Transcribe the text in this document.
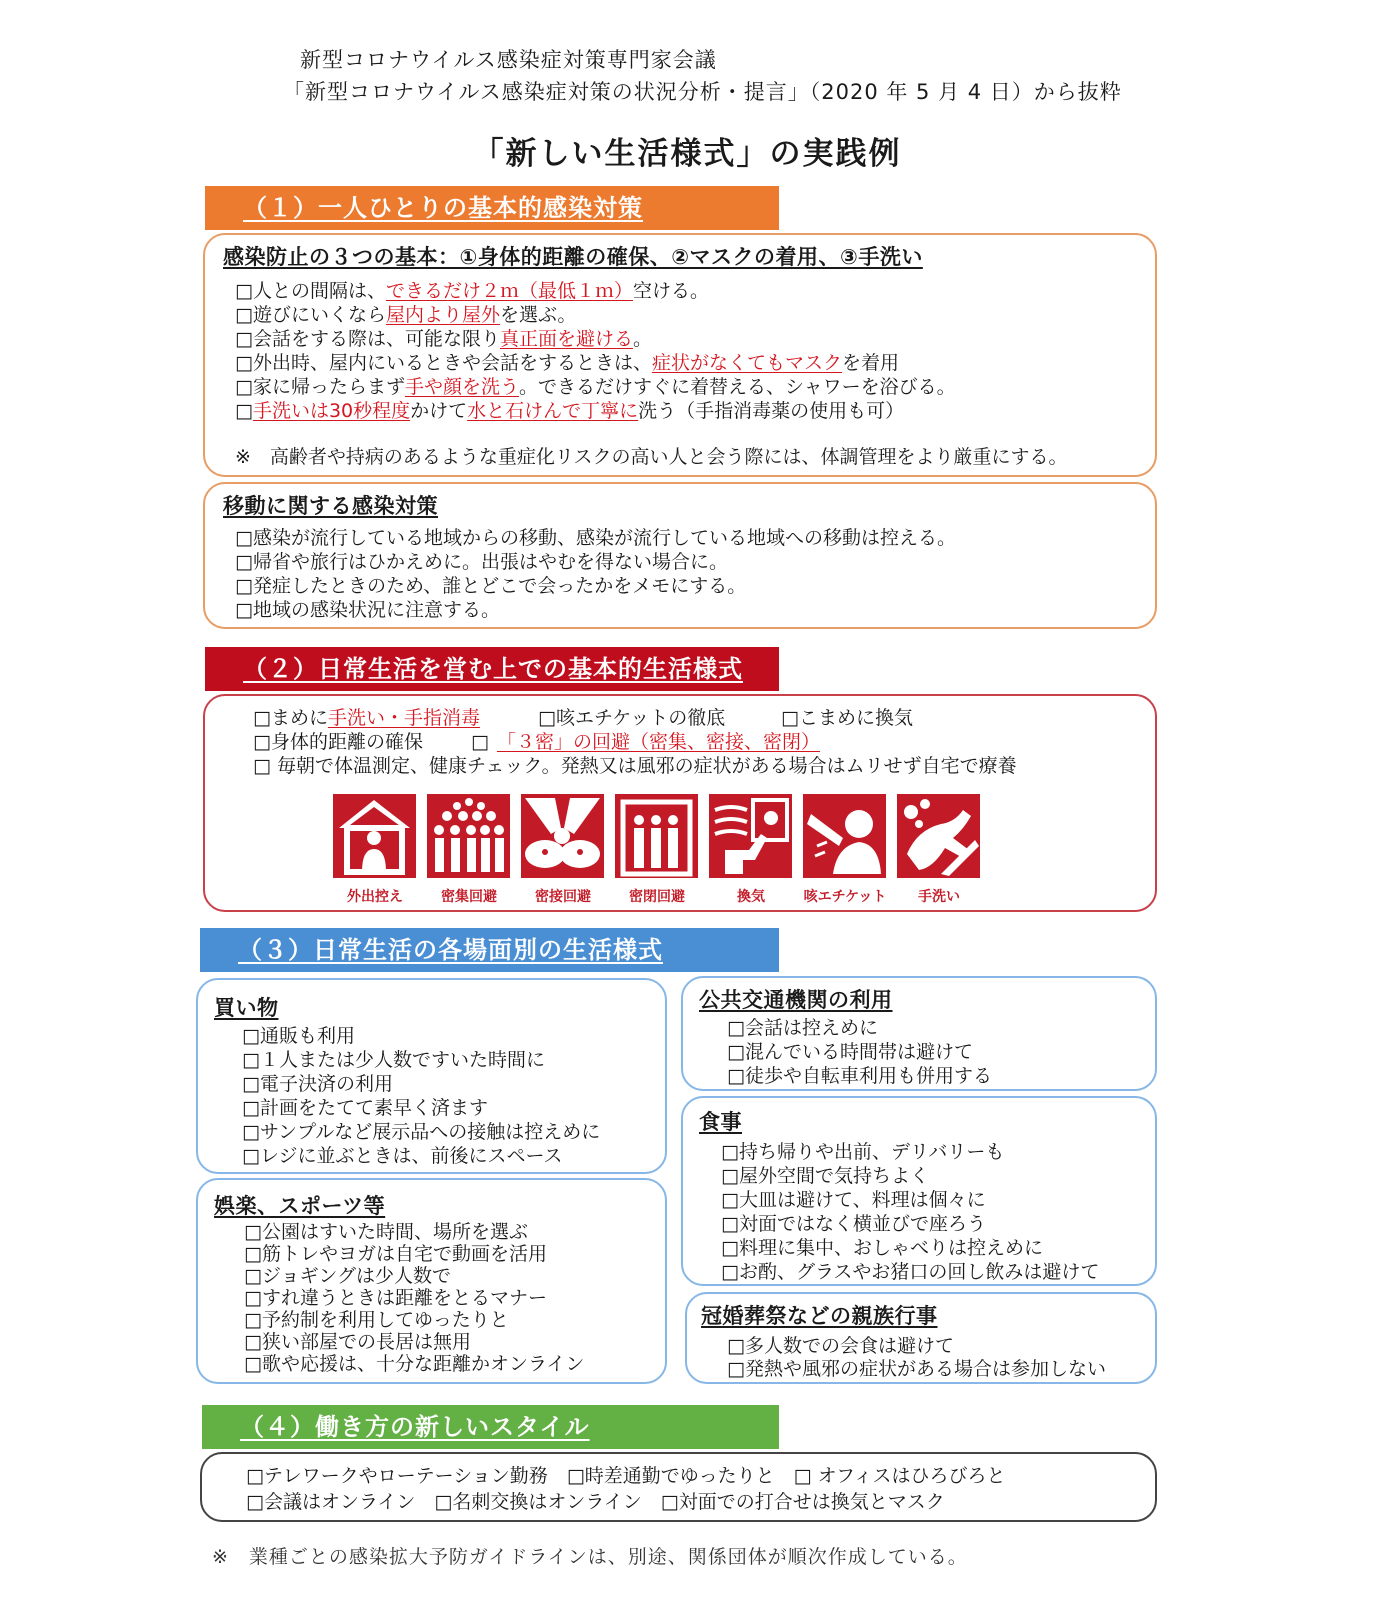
新型コロナウイルス感染症対策専門家会議
「新型コロナウイルス感染症対策の状況分析・提言」（2020 年 5 月 4 日）から抜粋
「新しい生活様式」の実践例
（１）一人ひとりの基本的感染対策
感染防止の３つの基本：①身体的距離の確保、②マスクの着用、③手洗い
□人との間隔は、できるだけ２ｍ（最低１ｍ）空ける。
□遊びにいくなら屋内より屋外を選ぶ。
□会話をする際は、可能な限り真正面を避ける。
□外出時、屋内にいるときや会話をするときは、症状がなくてもマスクを着用
□家に帰ったらまず手や顔を洗う。できるだけすぐに着替える、シャワーを浴びる。
□手洗いは30秒程度かけて水と石けんで丁寧に洗う（手指消毒薬の使用も可）
※　高齢者や持病のあるような重症化リスクの高い人と会う際には、体調管理をより厳重にする。
移動に関する感染対策
□感染が流行している地域からの移動、感染が流行している地域への移動は控える。
□帰省や旅行はひかえめに。出張はやむを得ない場合に。
□発症したときのため、誰とどこで会ったかをメモにする。
□地域の感染状況に注意する。
（２）日常生活を営む上での基本的生活様式
□まめに手洗い・手指消毒	□咳エチケットの徹底	□こまめに換気
□身体的距離の確保	□ 「３密」の回避（密集、密接、密閉）
□ 毎朝で体温測定、健康チェック。発熱又は風邪の症状がある場合はムリせず自宅で療養
外出控え	密集回避	密接回避	密閉回避	換気	咳エチケット	手洗い
（３）日常生活の各場面別の生活様式
買い物
□通販も利用
□１人または少人数ですいた時間に
□電子決済の利用
□計画をたてて素早く済ます
□サンプルなど展示品への接触は控えめに
□レジに並ぶときは、前後にスペース
娯楽、スポーツ等
□公園はすいた時間、場所を選ぶ
□筋トレやヨガは自宅で動画を活用
□ジョギングは少人数で
□すれ違うときは距離をとるマナー
□予約制を利用してゆったりと
□狭い部屋での長居は無用
□歌や応援は、十分な距離かオンライン
公共交通機関の利用
□会話は控えめに
□混んでいる時間帯は避けて
□徒歩や自転車利用も併用する
食事
□持ち帰りや出前、デリバリーも
□屋外空間で気持ちよく
□大皿は避けて、料理は個々に
□対面ではなく横並びで座ろう
□料理に集中、おしゃべりは控えめに
□お酌、グラスやお猪口の回し飲みは避けて
冠婚葬祭などの親族行事
□多人数での会食は避けて
□発熱や風邪の症状がある場合は参加しない
（４）働き方の新しいスタイル
□テレワークやローテーション勤務　□時差通勤でゆったりと　□ オフィスはひろびろと
□会議はオンライン　□名刺交換はオンライン　□対面での打合せは換気とマスク
※　業種ごとの感染拡大予防ガイドラインは、別途、関係団体が順次作成している。
